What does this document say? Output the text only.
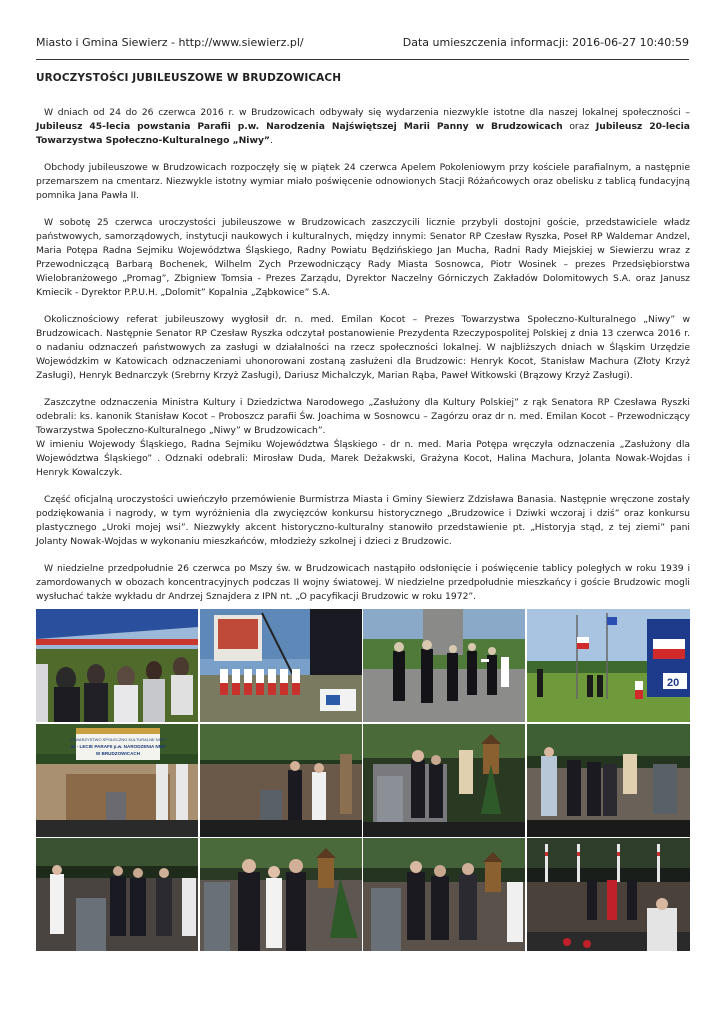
Miasto i Gmina Siewierz - http://www.siewierz.pl/	Data umieszczenia informacji: 2016-06-27 10:40:59
UROCZYSTOŚCI JUBILEUSZOWE W BRUDZOWICACH

W dniach od 24 do 26 czerwca 2016 r. w Brudzowicach odbywały się wydarzenia niezwykle istotne dla naszej lokalnej społeczności – Jubileusz 45-lecia powstania Parafii p.w. Narodzenia Najświętszej Marii Panny w Brudzowicach oraz Jubileusz 20-lecia Towarzystwa Społeczno-Kulturalnego „Niwy”.

Obchody jubileuszowe w Brudzowicach rozpoczęły się w piątek 24 czerwca Apelem Pokoleniowym przy kościele parafialnym, a następnie przemarszem na cmentarz. Niezwykle istotny wymiar miało poświęcenie odnowionych Stacji Różańcowych oraz obelisku z tablicą fundacyjną pomnika Jana Pawła II.

W sobotę 25 czerwca uroczystości jubileuszowe w Brudzowicach zaszczycili licznie przybyli dostojni goście, przedstawiciele władz państwowych, samorządowych, instytucji naukowych i kulturalnych, między innymi: Senator RP Czesław Ryszka, Poseł RP Waldemar Andzel, Maria Potępa Radna Sejmiku Województwa Śląskiego, Radny Powiatu Będzińskiego Jan Mucha, Radni Rady Miejskiej w Siewierzu wraz z Przewodniczącą Barbarą Bochenek, Wilhelm Zych Przewodniczący Rady Miasta Sosnowca, Piotr Wosinek – prezes Przedsiębiorstwa Wielobranżowego „Promag”, Zbigniew Tomsia - Prezes Zarządu, Dyrektor Naczelny Górniczych Zakładów Dolomitowych S.A. oraz Janusz Kmiecik - Dyrektor P.P.U.H. „Dolomit” Kopalnia „Ząbkowice” S.A.

Okolicznościowy referat jubileuszowy wygłosił dr. n. med. Emilan Kocot – Prezes Towarzystwa Społeczno-Kulturalnego „Niwy” w Brudzowicach. Następnie Senator RP Czesław Ryszka odczytał postanowienie Prezydenta Rzeczypospolitej Polskiej z dnia 13 czerwca 2016 r. o nadaniu odznaczeń państwowych za zasługi w działalności na rzecz społeczności lokalnej. W najbliższych dniach w Śląskim Urzędzie Wojewódzkim w Katowicach odznaczeniami uhonorowani zostaną zasłużeni dla Brudzowic: Henryk Kocot, Stanisław Machura (Złoty Krzyż Zasługi), Henryk Bednarczyk (Srebrny Krzyż Zasługi), Dariusz Michalczyk, Marian Rąba, Paweł Witkowski (Brązowy Krzyż Zasługi).

Zaszczytne odznaczenia Ministra Kultury i Dziedzictwa Narodowego „Zasłużony dla Kultury Polskiej” z rąk Senatora RP Czesława Ryszki odebrali: ks. kanonik Stanisław Kocot – Proboszcz parafii Św. Joachima w Sosnowcu – Zagórzu oraz dr n. med. Emilan Kocot – Przewodniczący Towarzystwa Społeczno-Kulturalnego „Niwy” w Brudzowicach”.

W imieniu Wojewody Śląskiego, Radna Sejmiku Województwa Śląskiego - dr n. med. Maria Potępa wręczyła odznaczenia „Zasłużony dla Województwa Śląskiego” . Odznaki odebrali: Mirosław Duda, Marek Deżakwski, Grażyna Kocot, Halina Machura, Jolanta Nowak-Wojdas i Henryk Kowalczyk.

Część oficjalną uroczystości uwieńczyło przemówienie Burmistrza Miasta i Gminy Siewierz Zdzisława Banasia. Następnie wręczone zostały podziękowania i nagrody, w tym wyróżnienia dla zwycięzców konkursu historycznego „Brudzowice i Dziwki wczoraj i dziś” oraz konkursu plastycznego „Uroki mojej wsi”. Niezwykły akcent historyczno-kulturalny stanowiło przedstawienie pt. „Historyja stąd, z tej ziemi” pani Jolanty Nowak-Wojdas w wykonaniu mieszkańców, młodzieży szkolnej i dzieci z Brudzowic.

W niedzielne przedpołudnie 26 czerwca po Mszy św. w Brudzowicach nastąpiło odsłonięcie i poświęcenie tablicy poległych w roku 1939 i zamordowanych w obozach koncentracyjnych podczas II wojny światowej. W niedzielne przedpołudnie mieszkańcy i goście Brudzowic mogli wysłuchać także wykładu dr Andrzej Sznajdera z IPN nt. „O pacyfikacji Brudzowic w roku 1972”.

20
TOWARZYSTWO SPOŁECZNO KULTURALNE NIWY
45 - LECIE PARAFII p.w. NARODZENIA NMP
W BRUDZOWICACH
